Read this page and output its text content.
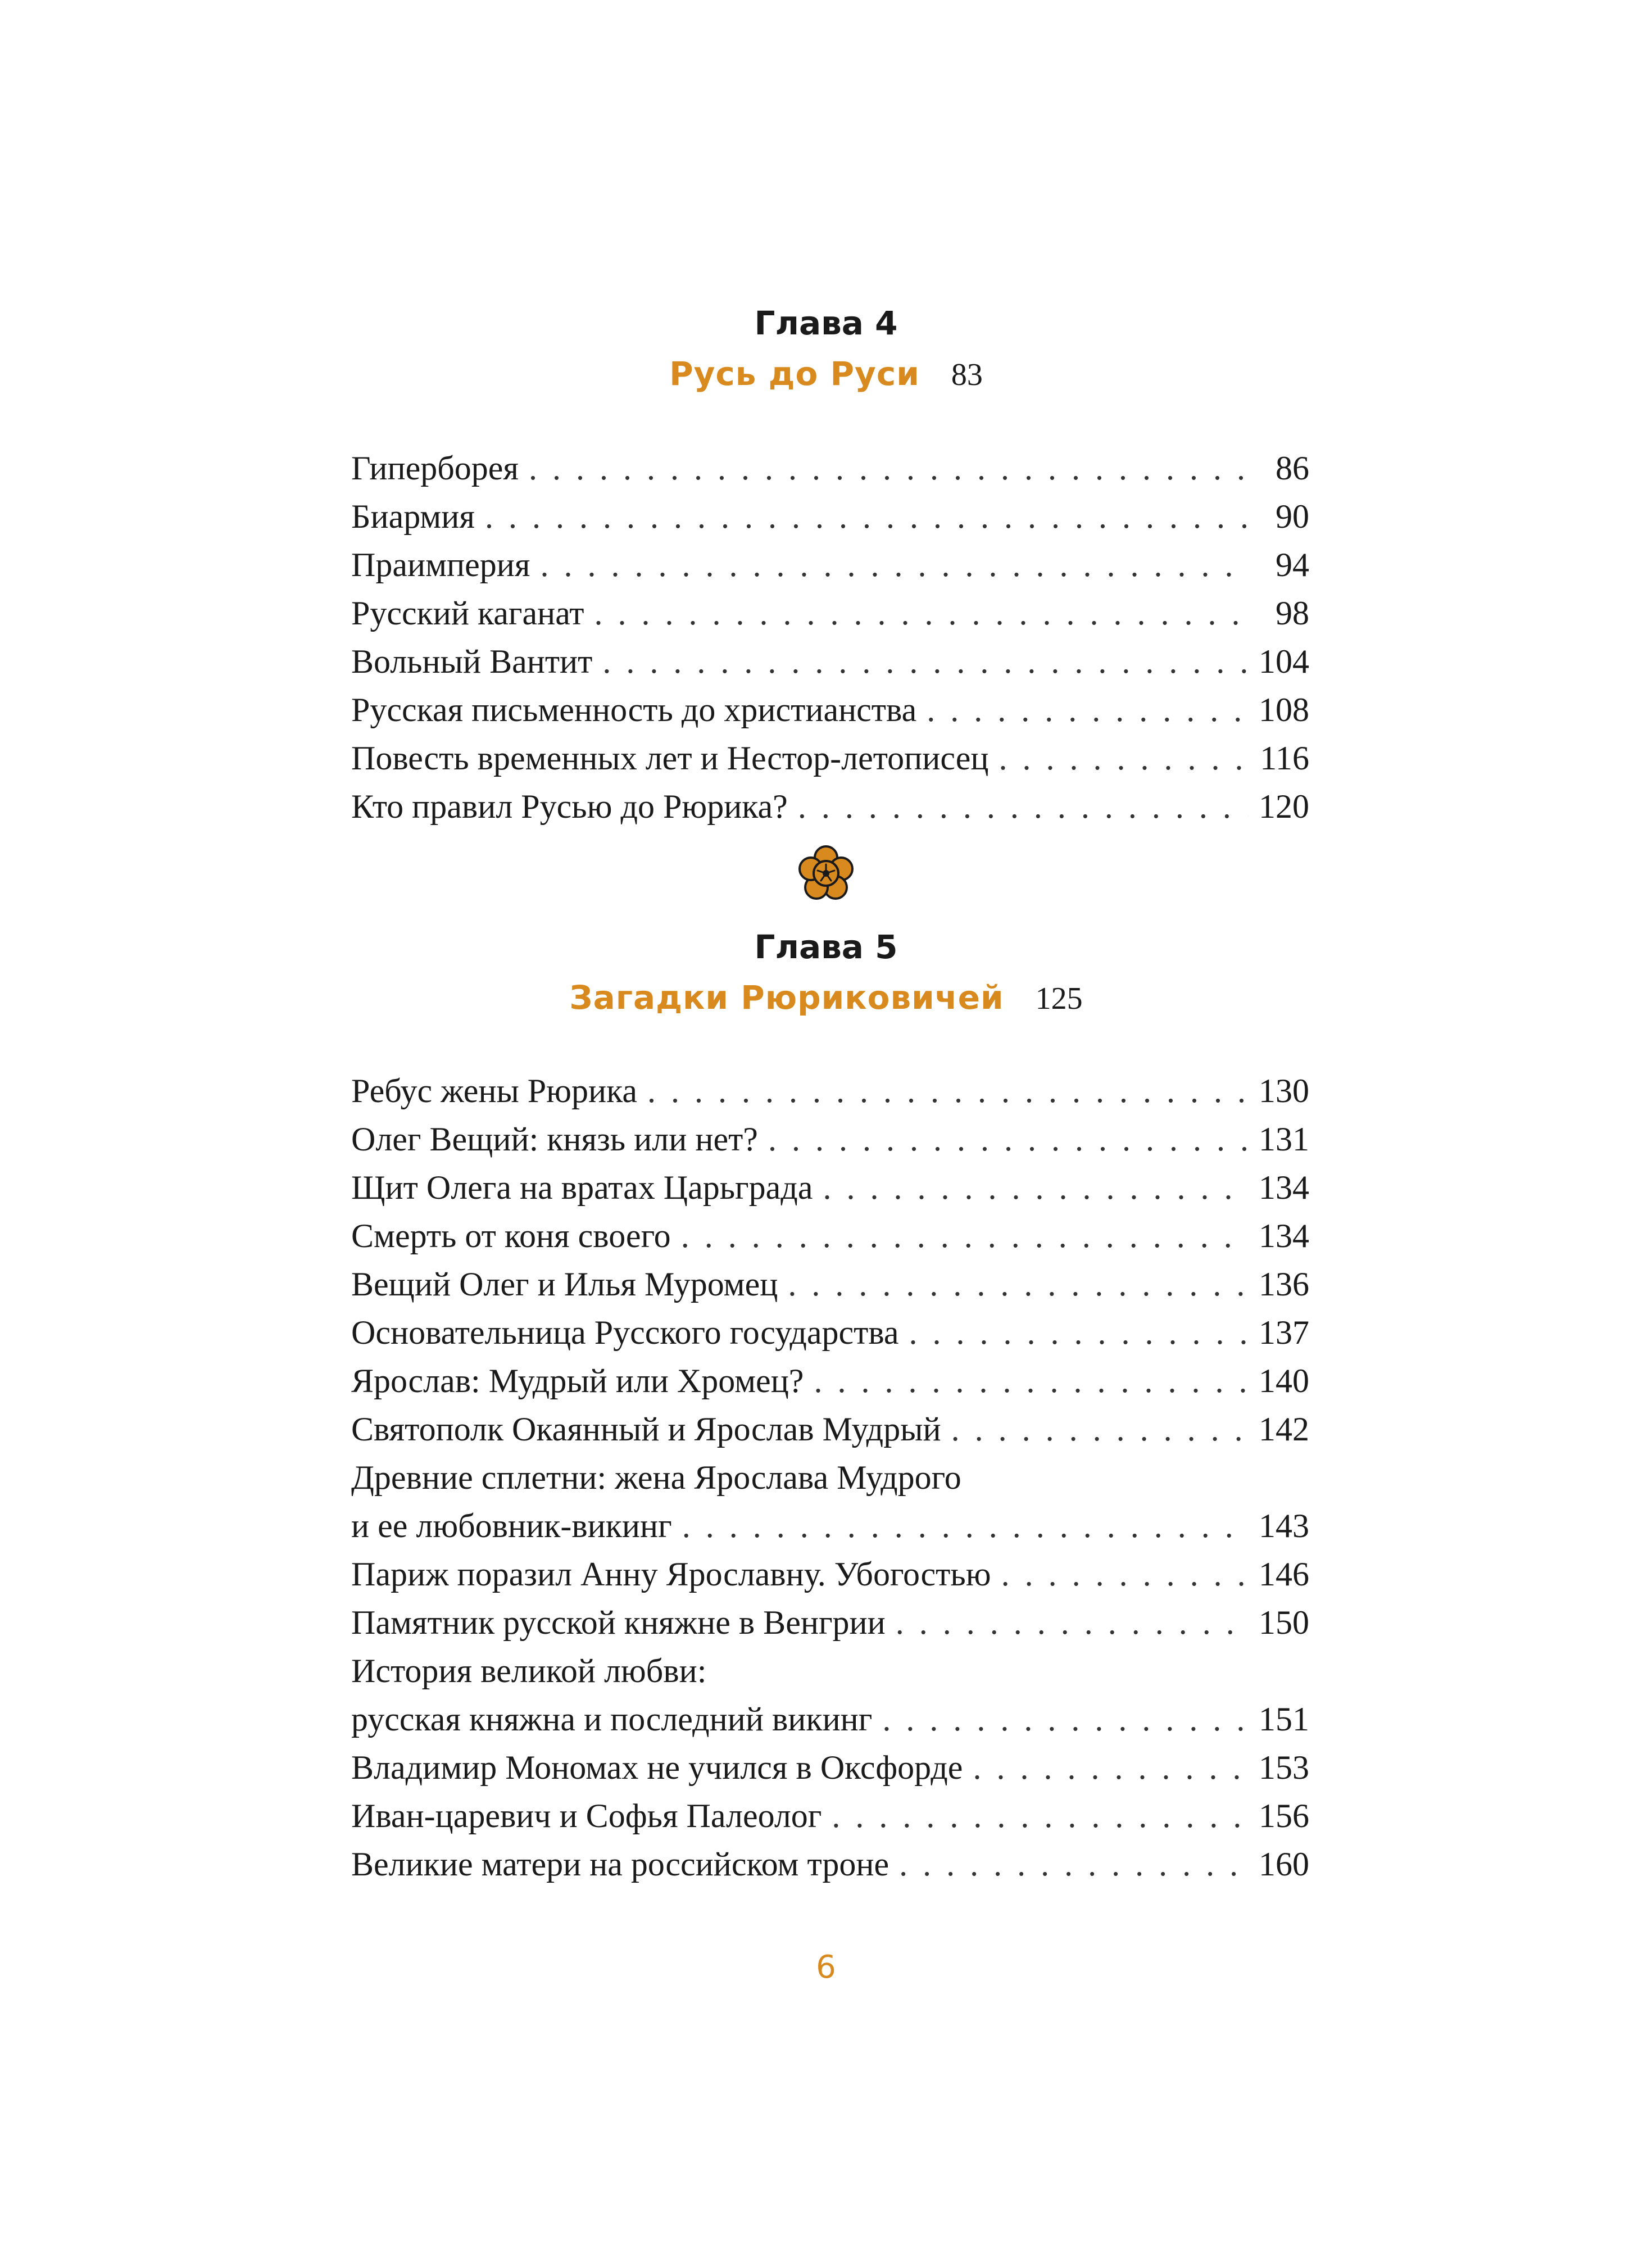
Глава 4
Русь до Руси 83
Гиперборея . . .	86
Биармия . . .	90
Праимперия . . .	94
Русский каганат . . .	98
Вольный Вантит . . .	104
Русская письменность до христианства . . .	108
Повесть временных лет и Нестор-летописец . . .	116
Кто правил Русью до Рюрика? . . .	120
Глава 5
Загадки Рюриковичей 125
Ребус жены Рюрика . . .	130
Олег Вещий: князь или нет? . . .	131
Щит Олега на вратах Царьграда . . .	134
Смерть от коня своего . . .	134
Вещий Олег и Илья Муромец . . .	136
Основательница Русского государства . . .	137
Ярослав: Мудрый или Хромец? . . .	140
Святополк Окаянный и Ярослав Мудрый . . .	142
Древние сплетни: жена Ярослава Мудрого
и ее любовник-викинг . . .	143
Париж поразил Анну Ярославну. Убогостью . . .	146
Памятник русской княжне в Венгрии . . .	150
История великой любви:
русская княжна и последний викинг . . .	151
Владимир Мономах не учился в Оксфорде . . .	153
Иван-царевич и Софья Палеолог . . .	156
Великие матери на российском троне . . .	160
6
